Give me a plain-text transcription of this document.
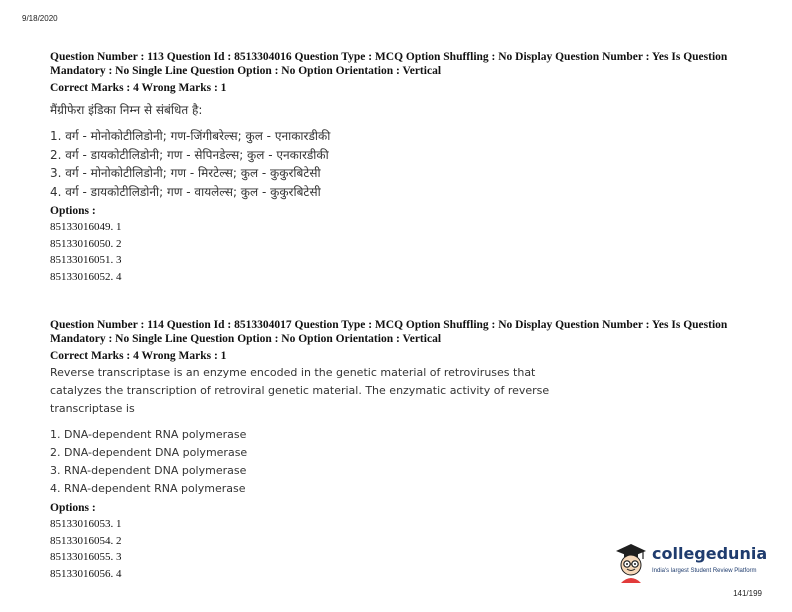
9/18/2020

Question Number : 113 Question Id : 8513304016 Question Type : MCQ Option Shuffling : No Display Question Number : Yes Is Question Mandatory : No Single Line Question Option : No Option Orientation : Vertical

Correct Marks : 4 Wrong Marks : 1

मैंग्रीफेरा इंडिका निम्न से संबंधित है:

1. वर्ग - मोनोकोटीलिडोनी; गण-जिंगीबरेल्स; कुल - एनाकारडीकी
2. वर्ग - डायकोटीलिडोनी; गण - सेपिनडेल्स; कुल - एनकारडीकी
3. वर्ग - मोनोकोटीलिडोनी; गण - मिरटेल्स; कुल - कुकुरबिटेसी
4. वर्ग - डायकोटीलिडोनी; गण - वायलेल्स; कुल - कुकुरबिटेसी

Options :

85133016049. 1
85133016050. 2
85133016051. 3
85133016052. 4

Question Number : 114 Question Id : 8513304017 Question Type : MCQ Option Shuffling : No Display Question Number : Yes Is Question Mandatory : No Single Line Question Option : No Option Orientation : Vertical

Correct Marks : 4 Wrong Marks : 1

Reverse transcriptase is an enzyme encoded in the genetic material of retroviruses that
catalyzes the transcription of retroviral genetic material. The enzymatic activity of reverse
transcriptase is
1. DNA-dependent RNA polymerase
2. DNA-dependent DNA polymerase
3. RNA-dependent DNA polymerase
4. RNA-dependent RNA polymerase

Options :

85133016053. 1
85133016054. 2
85133016055. 3
85133016056. 4
collegedunia
India's largest Student Review Platform
141/199
